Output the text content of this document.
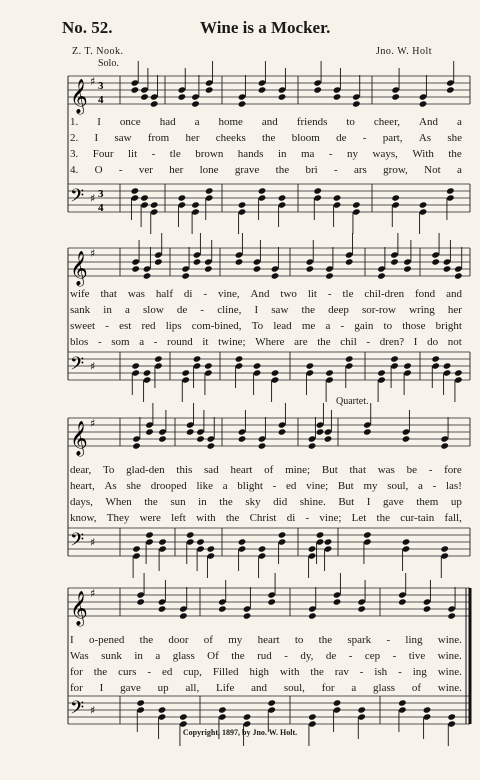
No. 52.	Wine is a Mocker.
Z. T. Nook.	Jno. W. Holt
Solo.
Quartet.
𝄞 ♯ 3
4
𝄢 ♯ 3
4
𝄞 ♯
𝄢 ♯
𝄞 ♯
𝄢 ♯
𝄞 ♯
𝄢 ♯
1. I once had a home and friends to cheer, And a
2. I saw from her cheeks the bloom de - part, As she
3. Four lit - tle brown hands in ma - ny ways, With the
4. O - ver her lone grave the bri - ars grow, Not a
wife that was half di - vine, And two lit - tle chil-dren fond and
sank in a slow de - cline, I saw the deep sor-row wring her
sweet - est red lips com-bined, To lead me a - gain to those bright
blos - som a - round it twine; Where are the chil - dren? I do not
dear, To glad-den this sad heart of mine; But that was be - fore
heart, As she drooped like a blight - ed vine; But my soul, a - las!
days, When the sun in the sky did shine. But I gave them up
know, They were left with the Christ di - vine; Let the cur-tain fall,
I o-pened the door of my heart to the spark - ling wine.
Was sunk in a glass Of the rud - dy, de - cep - tive wine.
for the curs - ed cup, Filled high with the rav - ish - ing wine.
for I gave up all, Life and soul, for a glass of wine.
Copyright, 1897, by Jno. W. Holt.
